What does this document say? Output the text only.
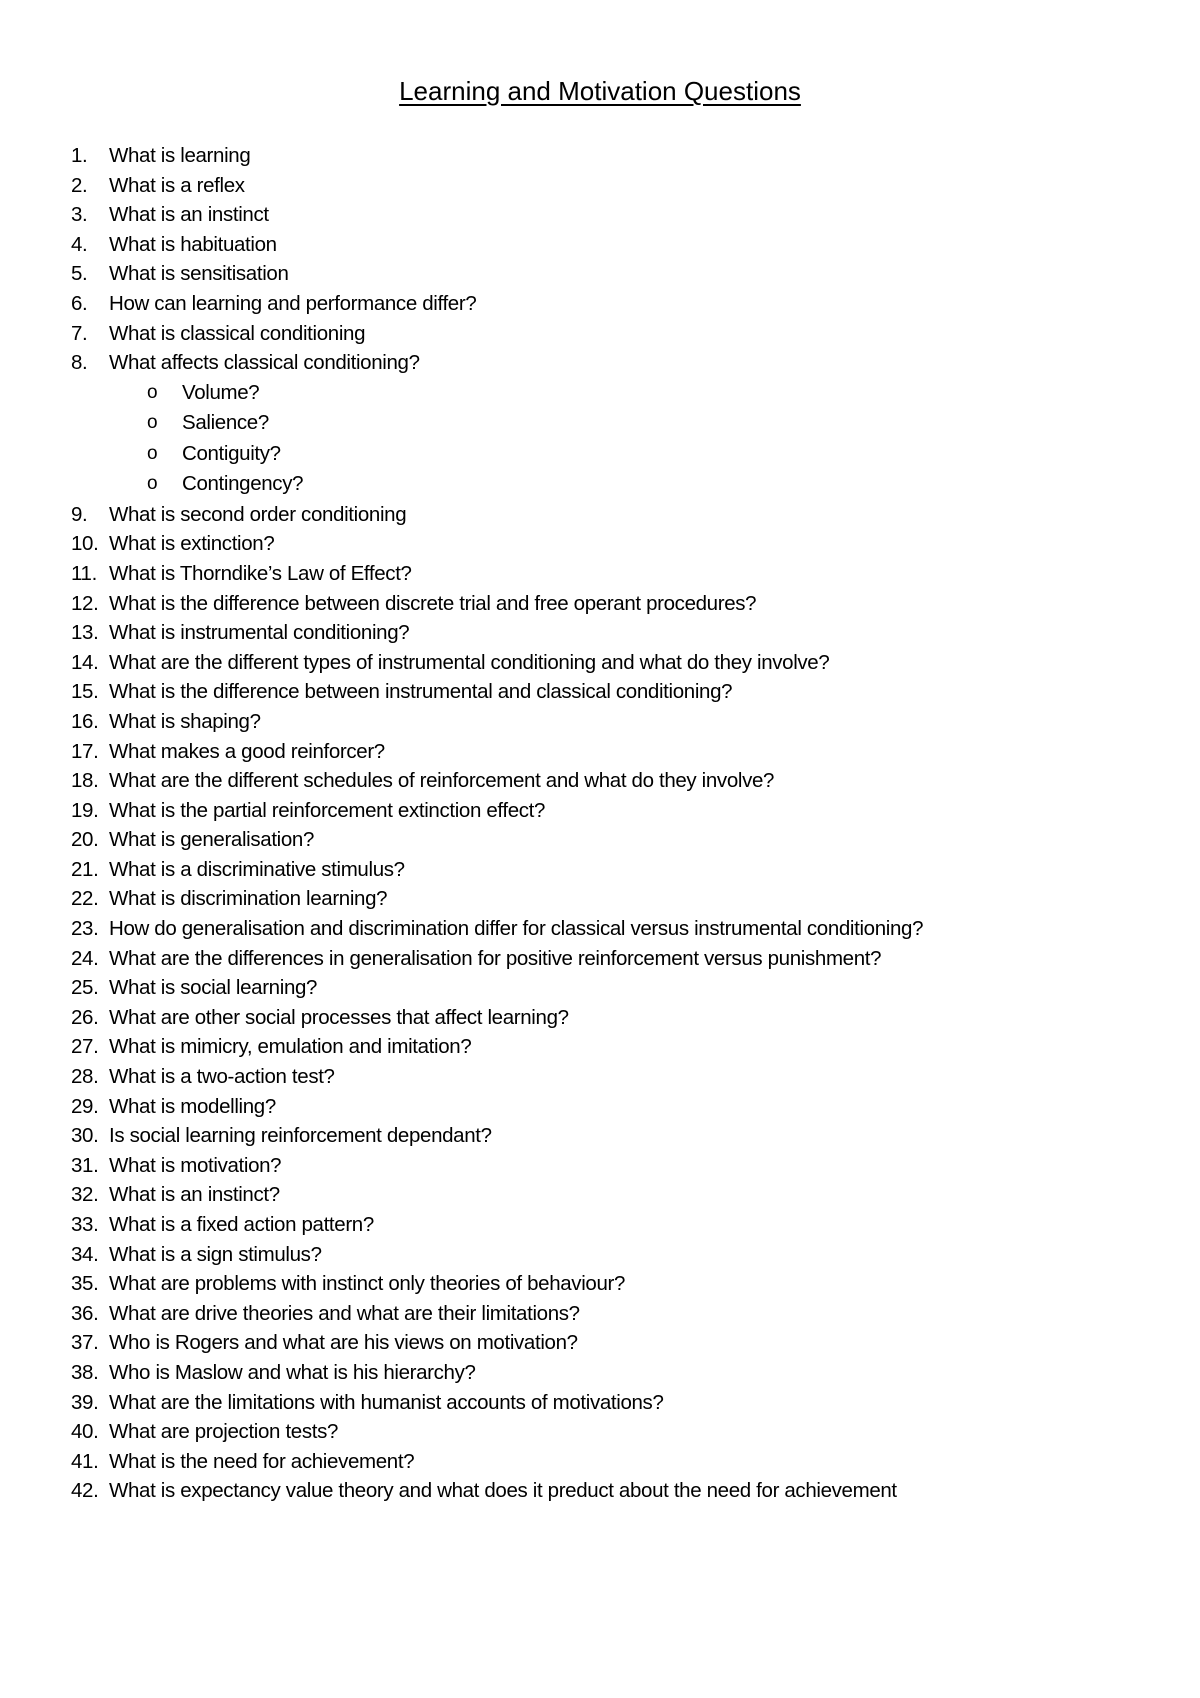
Learning and Motivation Questions
1. What is learning
2. What is a reflex
3. What is an instinct
4. What is habituation
5. What is sensitisation
6. How can learning and performance differ?
7. What is classical conditioning
8. What affects classical conditioning?
o Volume?
o Salience?
o Contiguity?
o Contingency?
9. What is second order conditioning
10. What is extinction?
11. What is Thorndike’s Law of Effect?
12. What is the difference between discrete trial and free operant procedures?
13. What is instrumental conditioning?
14. What are the different types of instrumental conditioning and what do they involve?
15. What is the difference between instrumental and classical conditioning?
16. What is shaping?
17. What makes a good reinforcer?
18. What are the different schedules of reinforcement and what do they involve?
19. What is the partial reinforcement extinction effect?
20. What is generalisation?
21. What is a discriminative stimulus?
22. What is discrimination learning?
23. How do generalisation and discrimination differ for classical versus instrumental conditioning?
24. What are the differences in generalisation for positive reinforcement versus punishment?
25. What is social learning?
26. What are other social processes that affect learning?
27. What is mimicry, emulation and imitation?
28. What is a two-action test?
29. What is modelling?
30. Is social learning reinforcement dependant?
31. What is motivation?
32. What is an instinct?
33. What is a fixed action pattern?
34. What is a sign stimulus?
35. What are problems with instinct only theories of behaviour?
36. What are drive theories and what are their limitations?
37. Who is Rogers and what are his views on motivation?
38. Who is Maslow and what is his hierarchy?
39. What are the limitations with humanist accounts of motivations?
40. What are projection tests?
41. What is the need for achievement?
42. What is expectancy value theory and what does it preduct about the need for achievement
